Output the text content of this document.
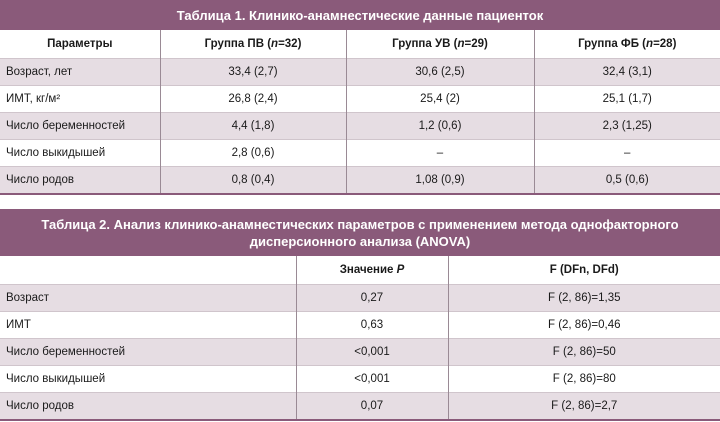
Таблица 1. Клинико-анамнестические данные пациенток
Параметры	Группа ПВ (n=32)	Группа УВ (n=29)	Группа ФБ (n=28)
Возраст, лет	33,4 (2,7)	30,6 (2,5)	32,4 (3,1)
ИМТ, кг/м²	26,8 (2,4)	25,4 (2)	25,1 (1,7)
Число беременностей	4,4 (1,8)	1,2 (0,6)	2,3 (1,25)
Число выкидышей	2,8 (0,6)	–	–
Число родов	0,8 (0,4)	1,08 (0,9)	0,5 (0,6)
Таблица 2. Анализ клинико-анамнестических параметров с применением метода однофакторного дисперсионного анализа (ANOVA)
	Значение P	F (DFn, DFd)
Возраст	0,27	F (2, 86)=1,35
ИМТ	0,63	F (2, 86)=0,46
Число беременностей	<0,001	F (2, 86)=50
Число выкидышей	<0,001	F (2, 86)=80
Число родов	0,07	F (2, 86)=2,7
